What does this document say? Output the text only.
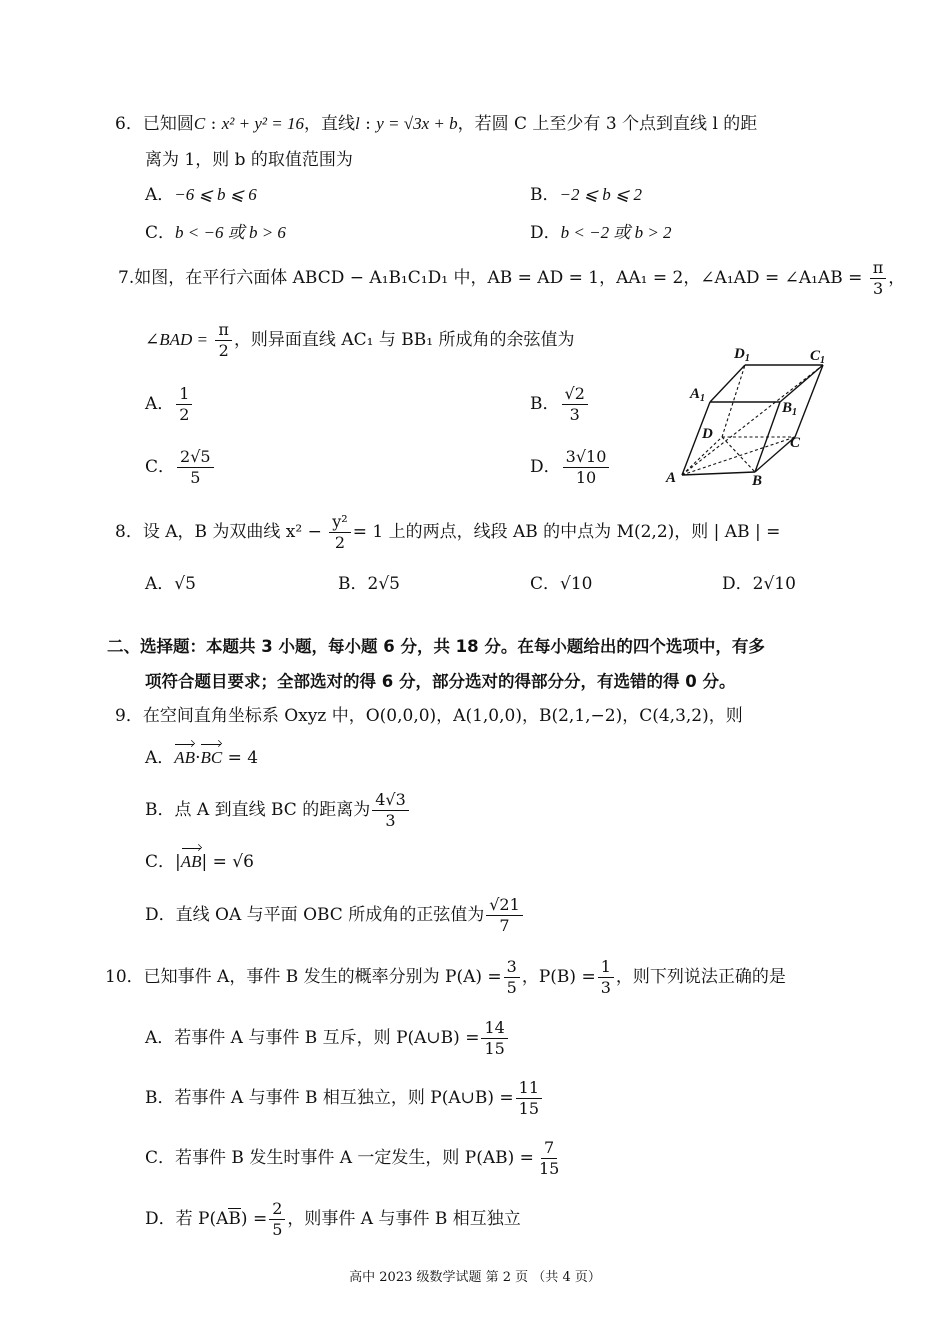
6．已知圆C : x² + y² = 16，直线l : y = √3x + b，若圆 C 上至少有 3 个点到直线 l 的距
离为 1，则 b 的取值范围为
A．−6 ⩽ b ⩽ 6	B．−2 ⩽ b ⩽ 2
C．b < −6 或 b > 6	D．b < −2 或 b > 2
7.如图，在平行六面体 ABCD − A₁B₁C₁D₁ 中，AB = AD = 1，AA₁ = 2，∠A₁AD = ∠A₁AB = $\frac{\pi}{3}$ ，
∠BAD = $\frac{\pi}{2}$ ，则异面直线 AC₁ 与 BB₁ 所成角的余弦值为
A． $\frac{1}{2}$	B． $\frac{√2}{3}$
C． $\frac{2√5}{5}$	D． $\frac{3√10}{10}$	A	B
C
D
$A_1$
$B_1$
$C_1$
$D_1$
8．设 A，B 为双曲线 $x^2 - \frac{\text{y²}}{2} = 1$ 上的两点，线段 AB 的中点为 M(2,2)，则 | AB | =
A．√5	B．2√5	C．√10	D．2√10
二、选择题：本题共 3 小题，每小题 6 分，共 18 分。在每小题给出的四个选项中，有多
项符合题目要求；全部选对的得 6 分，部分选对的得部分分，有选错的得 0 分。
9．在空间直角坐标系 Oxyz 中，O(0,0,0)，A(1,0,0)，B(2,1,−2)，C(4,3,2)，则
A．AB·BC = 4
B．点 A 到直线 BC 的距离为 $\frac{4√3}{3}$
C．|AB| = √6
D．直线 OA 与平面 OBC 所成角的正弦值为 $\frac{√21}{7}$
10．已知事件 A，事件 B 发生的概率分别为 $P(A) = \frac{3}{5}$ ，$P(B) = \frac{1}{3}$ ，则下列说法正确的是
A．若事件 A 与事件 B 互斥，则 P(A∪B) = $\frac{14}{15}$
B．若事件 A 与事件 B 相互独立，则 P(A∪B) = $\frac{11}{15}$
C．若事件 B 发生时事件 A 一定发生，则 $P(AB) = \frac{7}{15}$
D．若 $P(AB) = \frac{2}{5}$ ，则事件 A 与事件 B 相互独立
高中 2023 级数学试题 第 2 页 （共 4 页）
